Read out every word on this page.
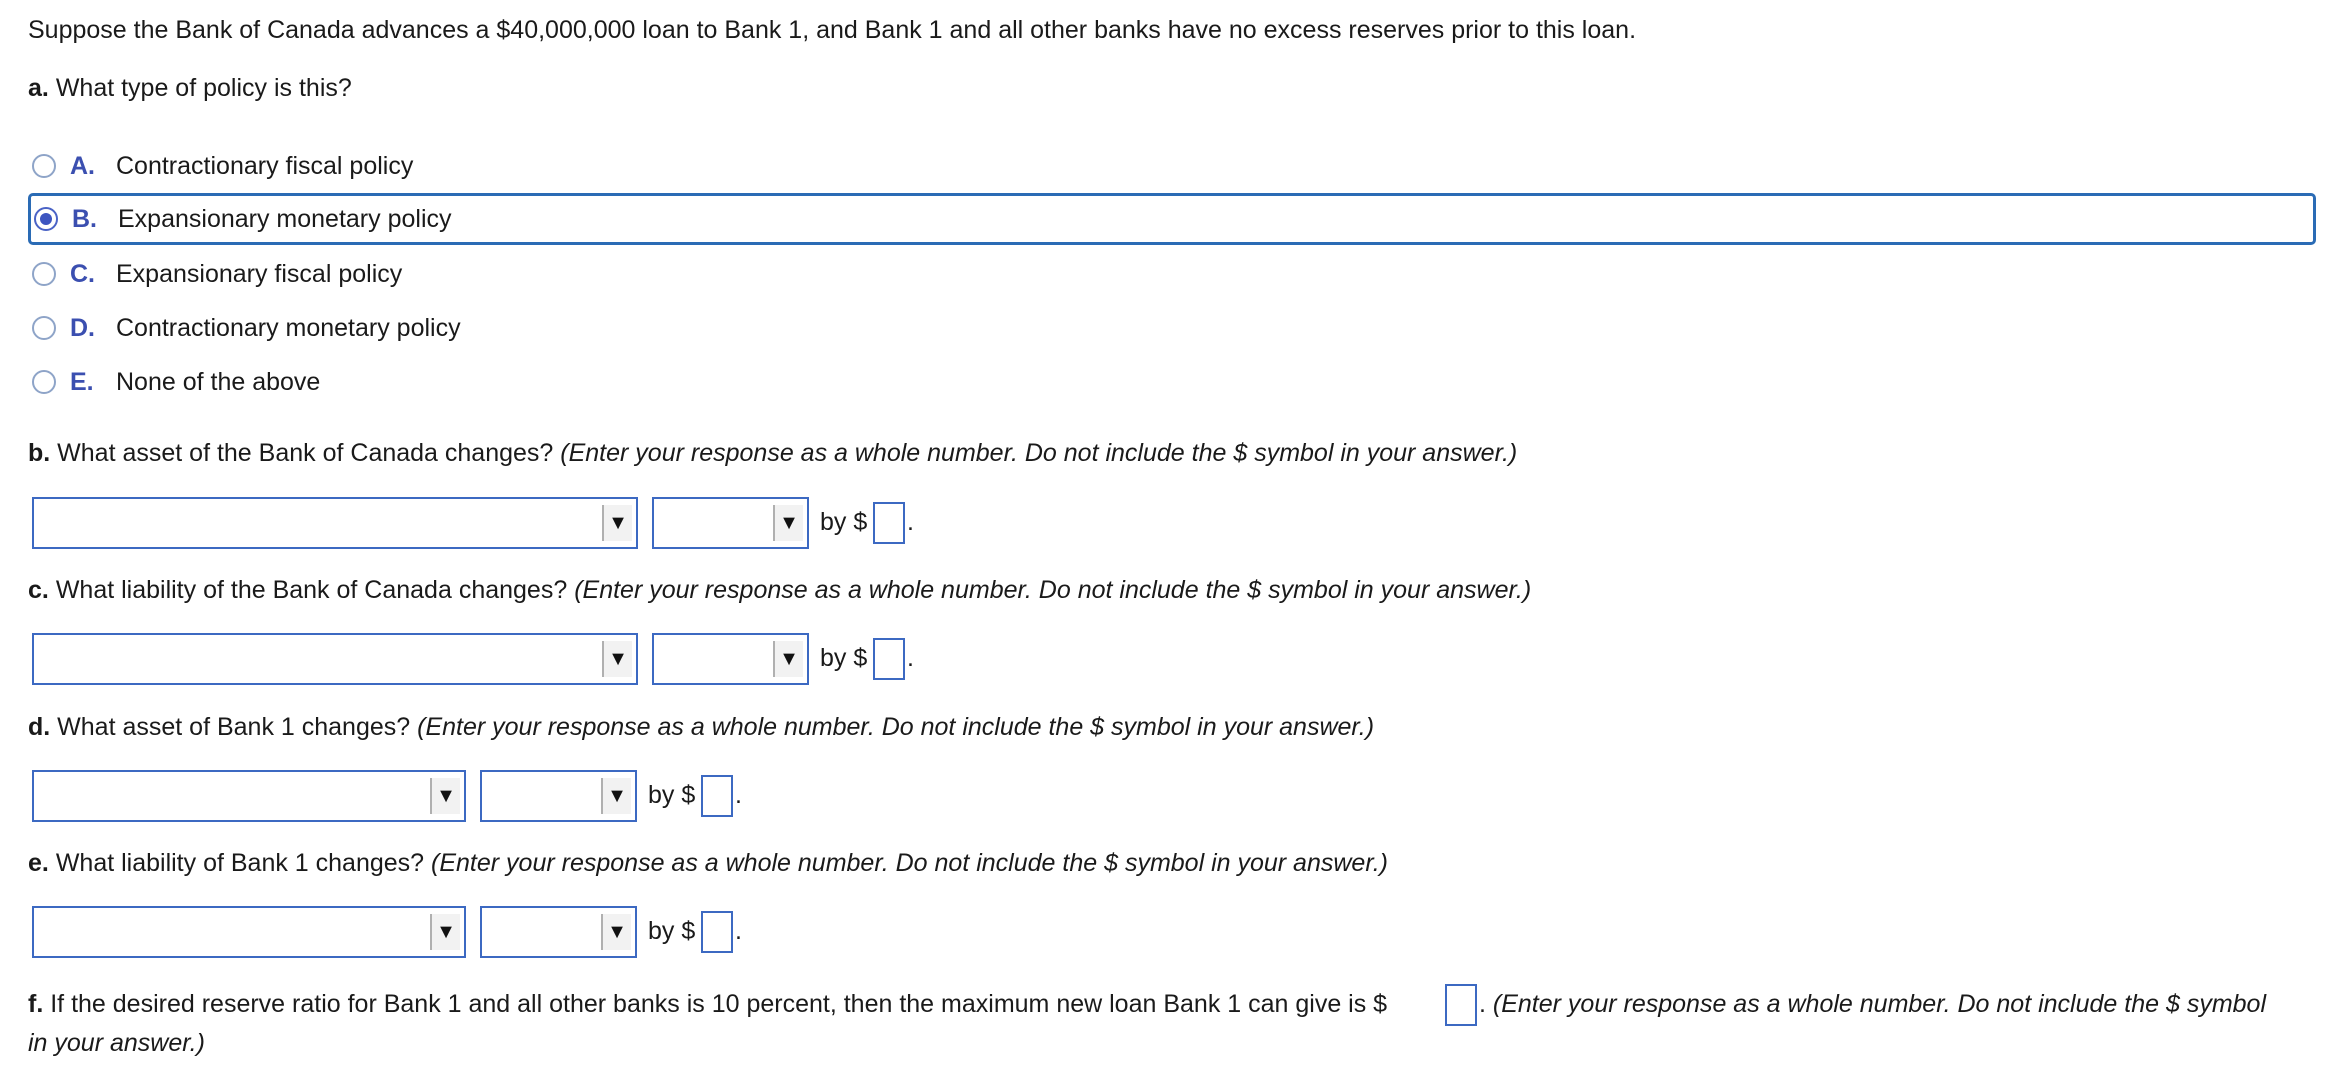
Suppose the Bank of Canada advances a $40,000,000 loan to Bank 1, and Bank 1 and all other banks have no excess reserves prior to this loan.
a. What type of policy is this?
A. Contractionary fiscal policy
B. Expansionary monetary policy
C. Expansionary fiscal policy
D. Contractionary monetary policy
E. None of the above
b. What asset of the Bank of Canada changes? (Enter your response as a whole number. Do not include the $ symbol in your answer.)
▼	▼ by $ .
c. What liability of the Bank of Canada changes? (Enter your response as a whole number. Do not include the $ symbol in your answer.)
▼	▼ by $ .
d. What asset of Bank 1 changes? (Enter your response as a whole number. Do not include the $ symbol in your answer.)
▼	▼ by $ .
e. What liability of Bank 1 changes? (Enter your response as a whole number. Do not include the $ symbol in your answer.)
▼	▼ by $ .
f. If the desired reserve ratio for Bank 1 and all other banks is 10 percent, then the maximum new loan Bank 1 can give is $	. (Enter your response as a whole number. Do not include the $ symbol
in your answer.)
